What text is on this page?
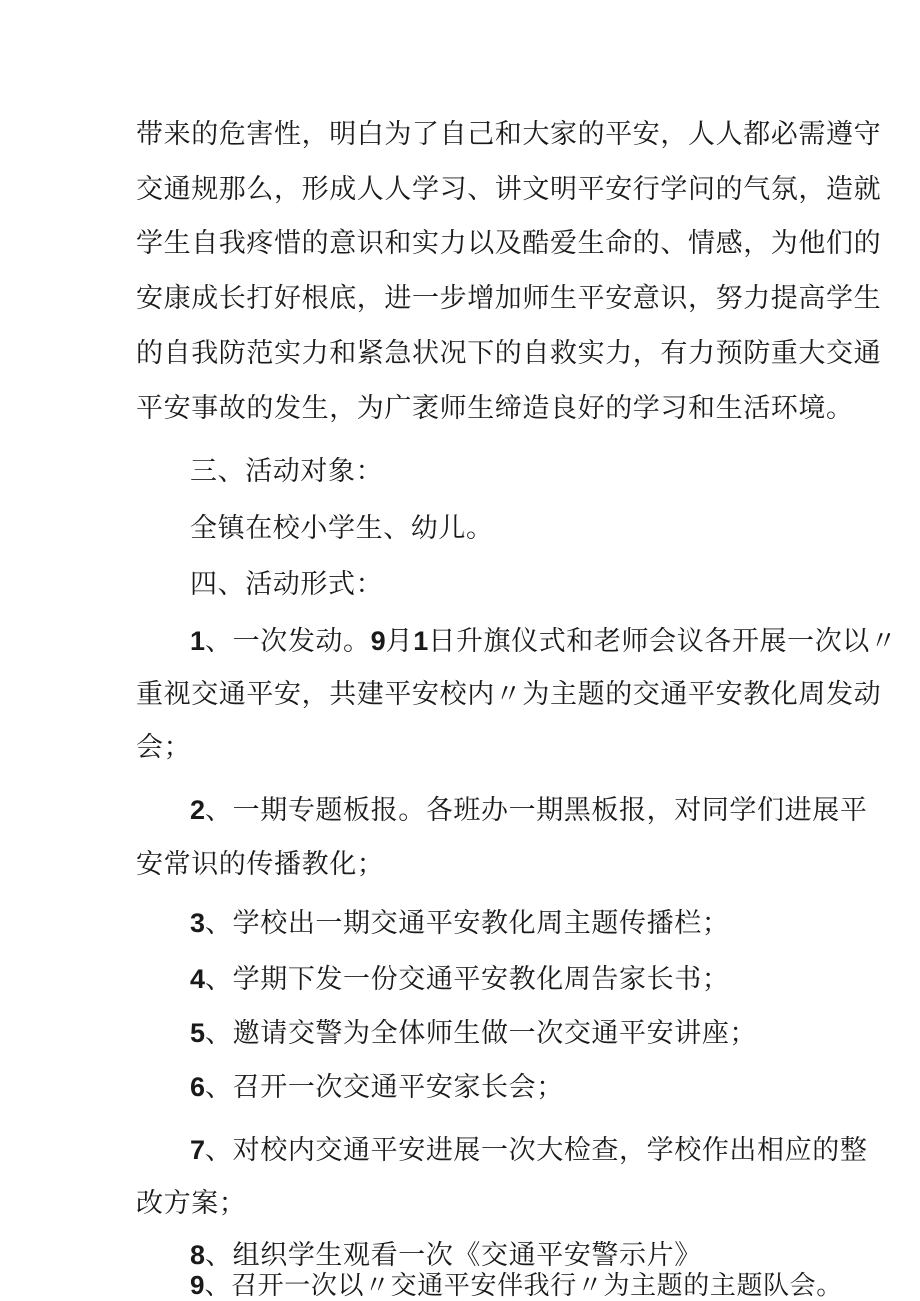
带来的危害性，明白为了自己和大家的平安，人人都必需遵守
交通规那么，形成人人学习、讲文明平安行学问的气氛，造就
学生自我疼惜的意识和实力以及酷爱生命的、情感，为他们的
安康成长打好根底，进一步增加师生平安意识，努力提高学生
的自我防范实力和紧急状况下的自救实力，有力预防重大交通
平安事故的发生，为广袤师生缔造良好的学习和生活环境。
三、活动对象：
全镇在校小学生、幼儿。
四、活动形式：
1、一次发动。9月1日升旗仪式和老师会议各开展一次以〃
重视交通平安，共建平安校内〃为主题的交通平安教化周发动
会；
2、一期专题板报。各班办一期黑板报，对同学们进展平
安常识的传播教化；
3、学校出一期交通平安教化周主题传播栏；
4、学期下发一份交通平安教化周告家长书；
5、邀请交警为全体师生做一次交通平安讲座；
6、召开一次交通平安家长会；
7、对校内交通平安进展一次大检查，学校作出相应的整
改方案；
8、组织学生观看一次《交通平安警示片》
9、召开一次以〃交通平安伴我行〃为主题的主题队会。
